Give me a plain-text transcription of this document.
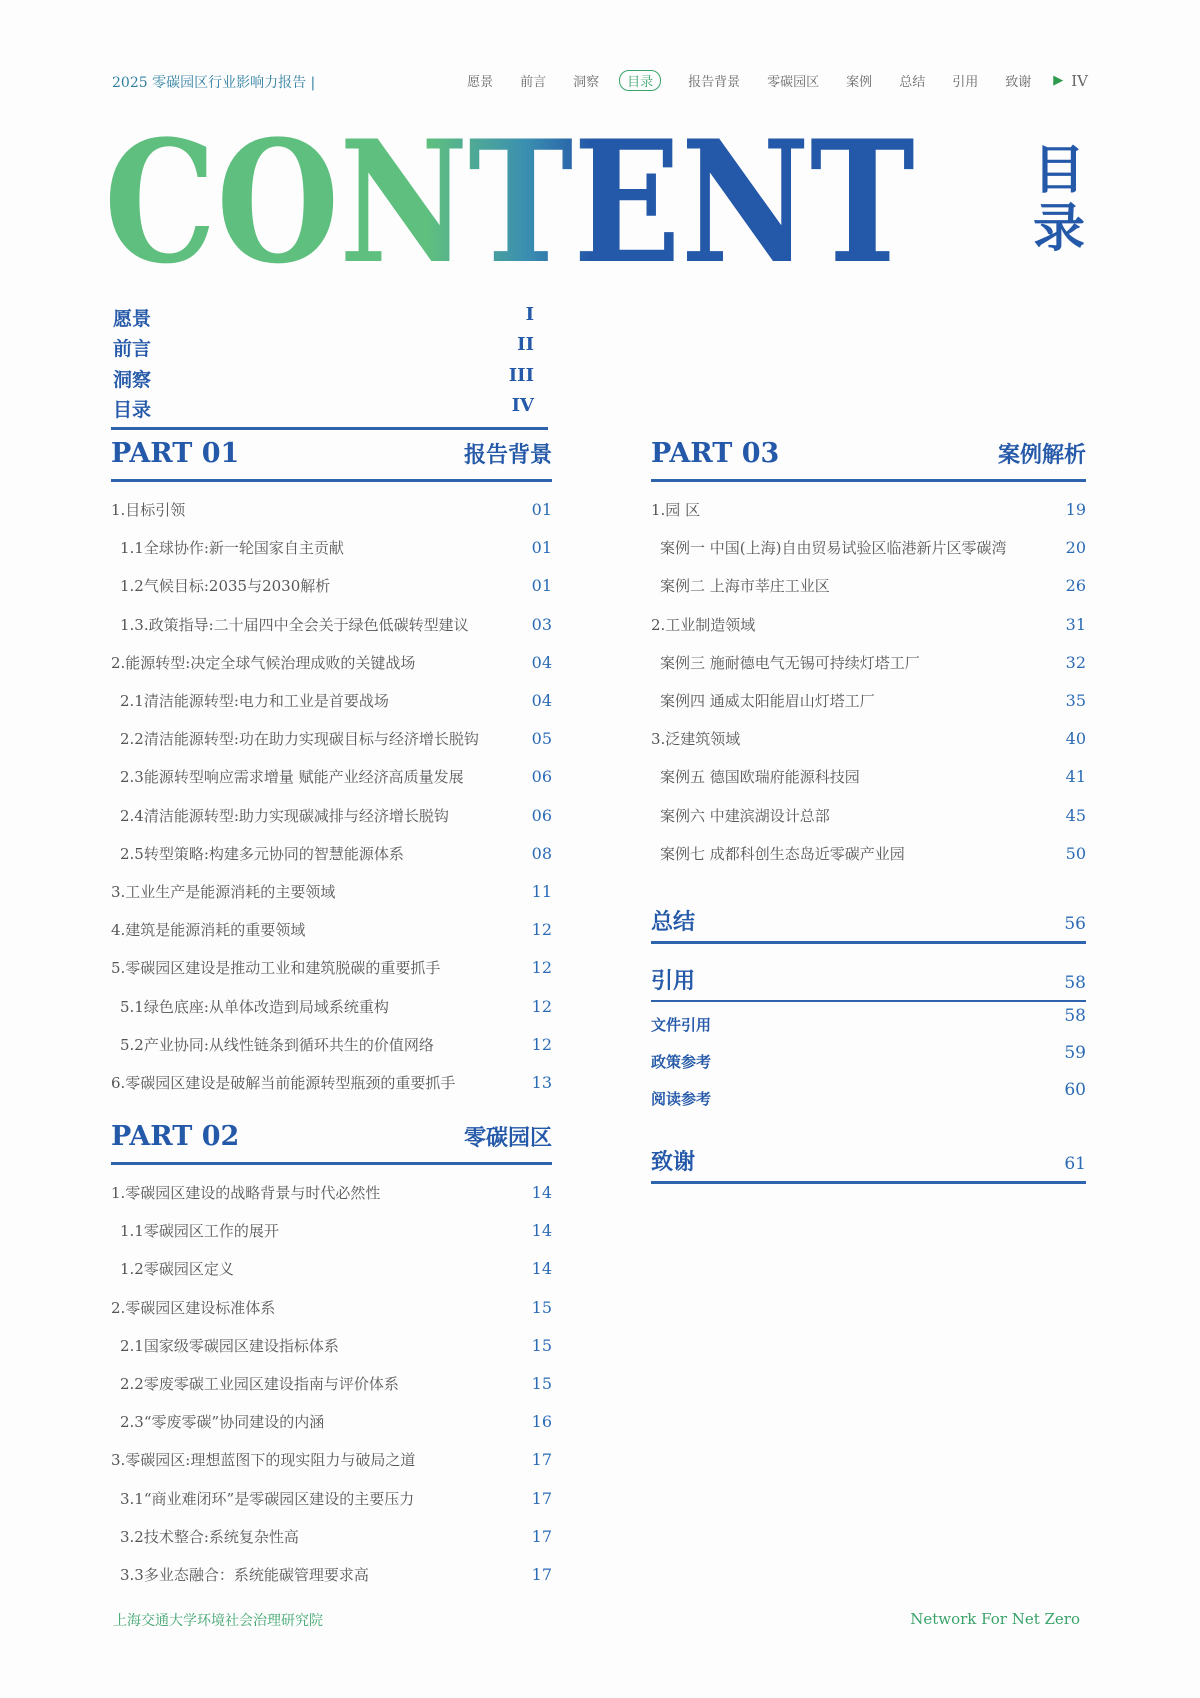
2025 零碳园区行业影响力报告 |	愿景 前言 洞察	目录	报告背景 零碳园区 案例 总结 引用 致谢 ▶ IV
CONTENT 目录
愿景	I
前言	II
洞察	III
目录	IV
PART 01	报告背景
1.目标引领	01
1.1全球协作:新一轮国家自主贡献	01
1.2气候目标:2035与2030解析	01
1.3.政策指导:二十届四中全会关于绿色低碳转型建议	03
2.能源转型:决定全球气候治理成败的关键战场	04
2.1清洁能源转型:电力和工业是首要战场	04
2.2清洁能源转型:功在助力实现碳目标与经济增长脱钩	05
2.3能源转型响应需求增量 赋能产业经济高质量发展	06
2.4清洁能源转型:助力实现碳减排与经济增长脱钩	06
2.5转型策略:构建多元协同的智慧能源体系	08
3.工业生产是能源消耗的主要领域	11
4.建筑是能源消耗的重要领域	12
5.零碳园区建设是推动工业和建筑脱碳的重要抓手	12
5.1绿色底座:从单体改造到局域系统重构	12
5.2产业协同:从线性链条到循环共生的价值网络	12
6.零碳园区建设是破解当前能源转型瓶颈的重要抓手	13
PART 02	零碳园区
1.零碳园区建设的战略背景与时代必然性	14
1.1零碳园区工作的展开	14
1.2零碳园区定义	14
2.零碳园区建设标准体系	15
2.1国家级零碳园区建设指标体系	15
2.2零废零碳工业园区建设指南与评价体系	15
2.3“零废零碳”协同建设的内涵	16
3.零碳园区:理想蓝图下的现实阻力与破局之道	17
3.1“商业难闭环”是零碳园区建设的主要压力	17
3.2技术整合:系统复杂性高	17
3.3多业态融合：系统能碳管理要求高	17
PART 03	案例解析
1.园 区	19
案例一 中国(上海)自由贸易试验区临港新片区零碳湾	20
案例二 上海市莘庄工业区	26
2.工业制造领域	31
案例三 施耐德电气无锡可持续灯塔工厂	32
案例四 通威太阳能眉山灯塔工厂	35
3.泛建筑领域	40
案例五 德国欧瑞府能源科技园	41
案例六 中建滨湖设计总部	45
案例七 成都科创生态岛近零碳产业园	50
总结	56
引用	58
文件引用	58
政策参考	59
阅读参考	60
致谢	61
上海交通大学环境社会治理研究院	Network For Net Zero
